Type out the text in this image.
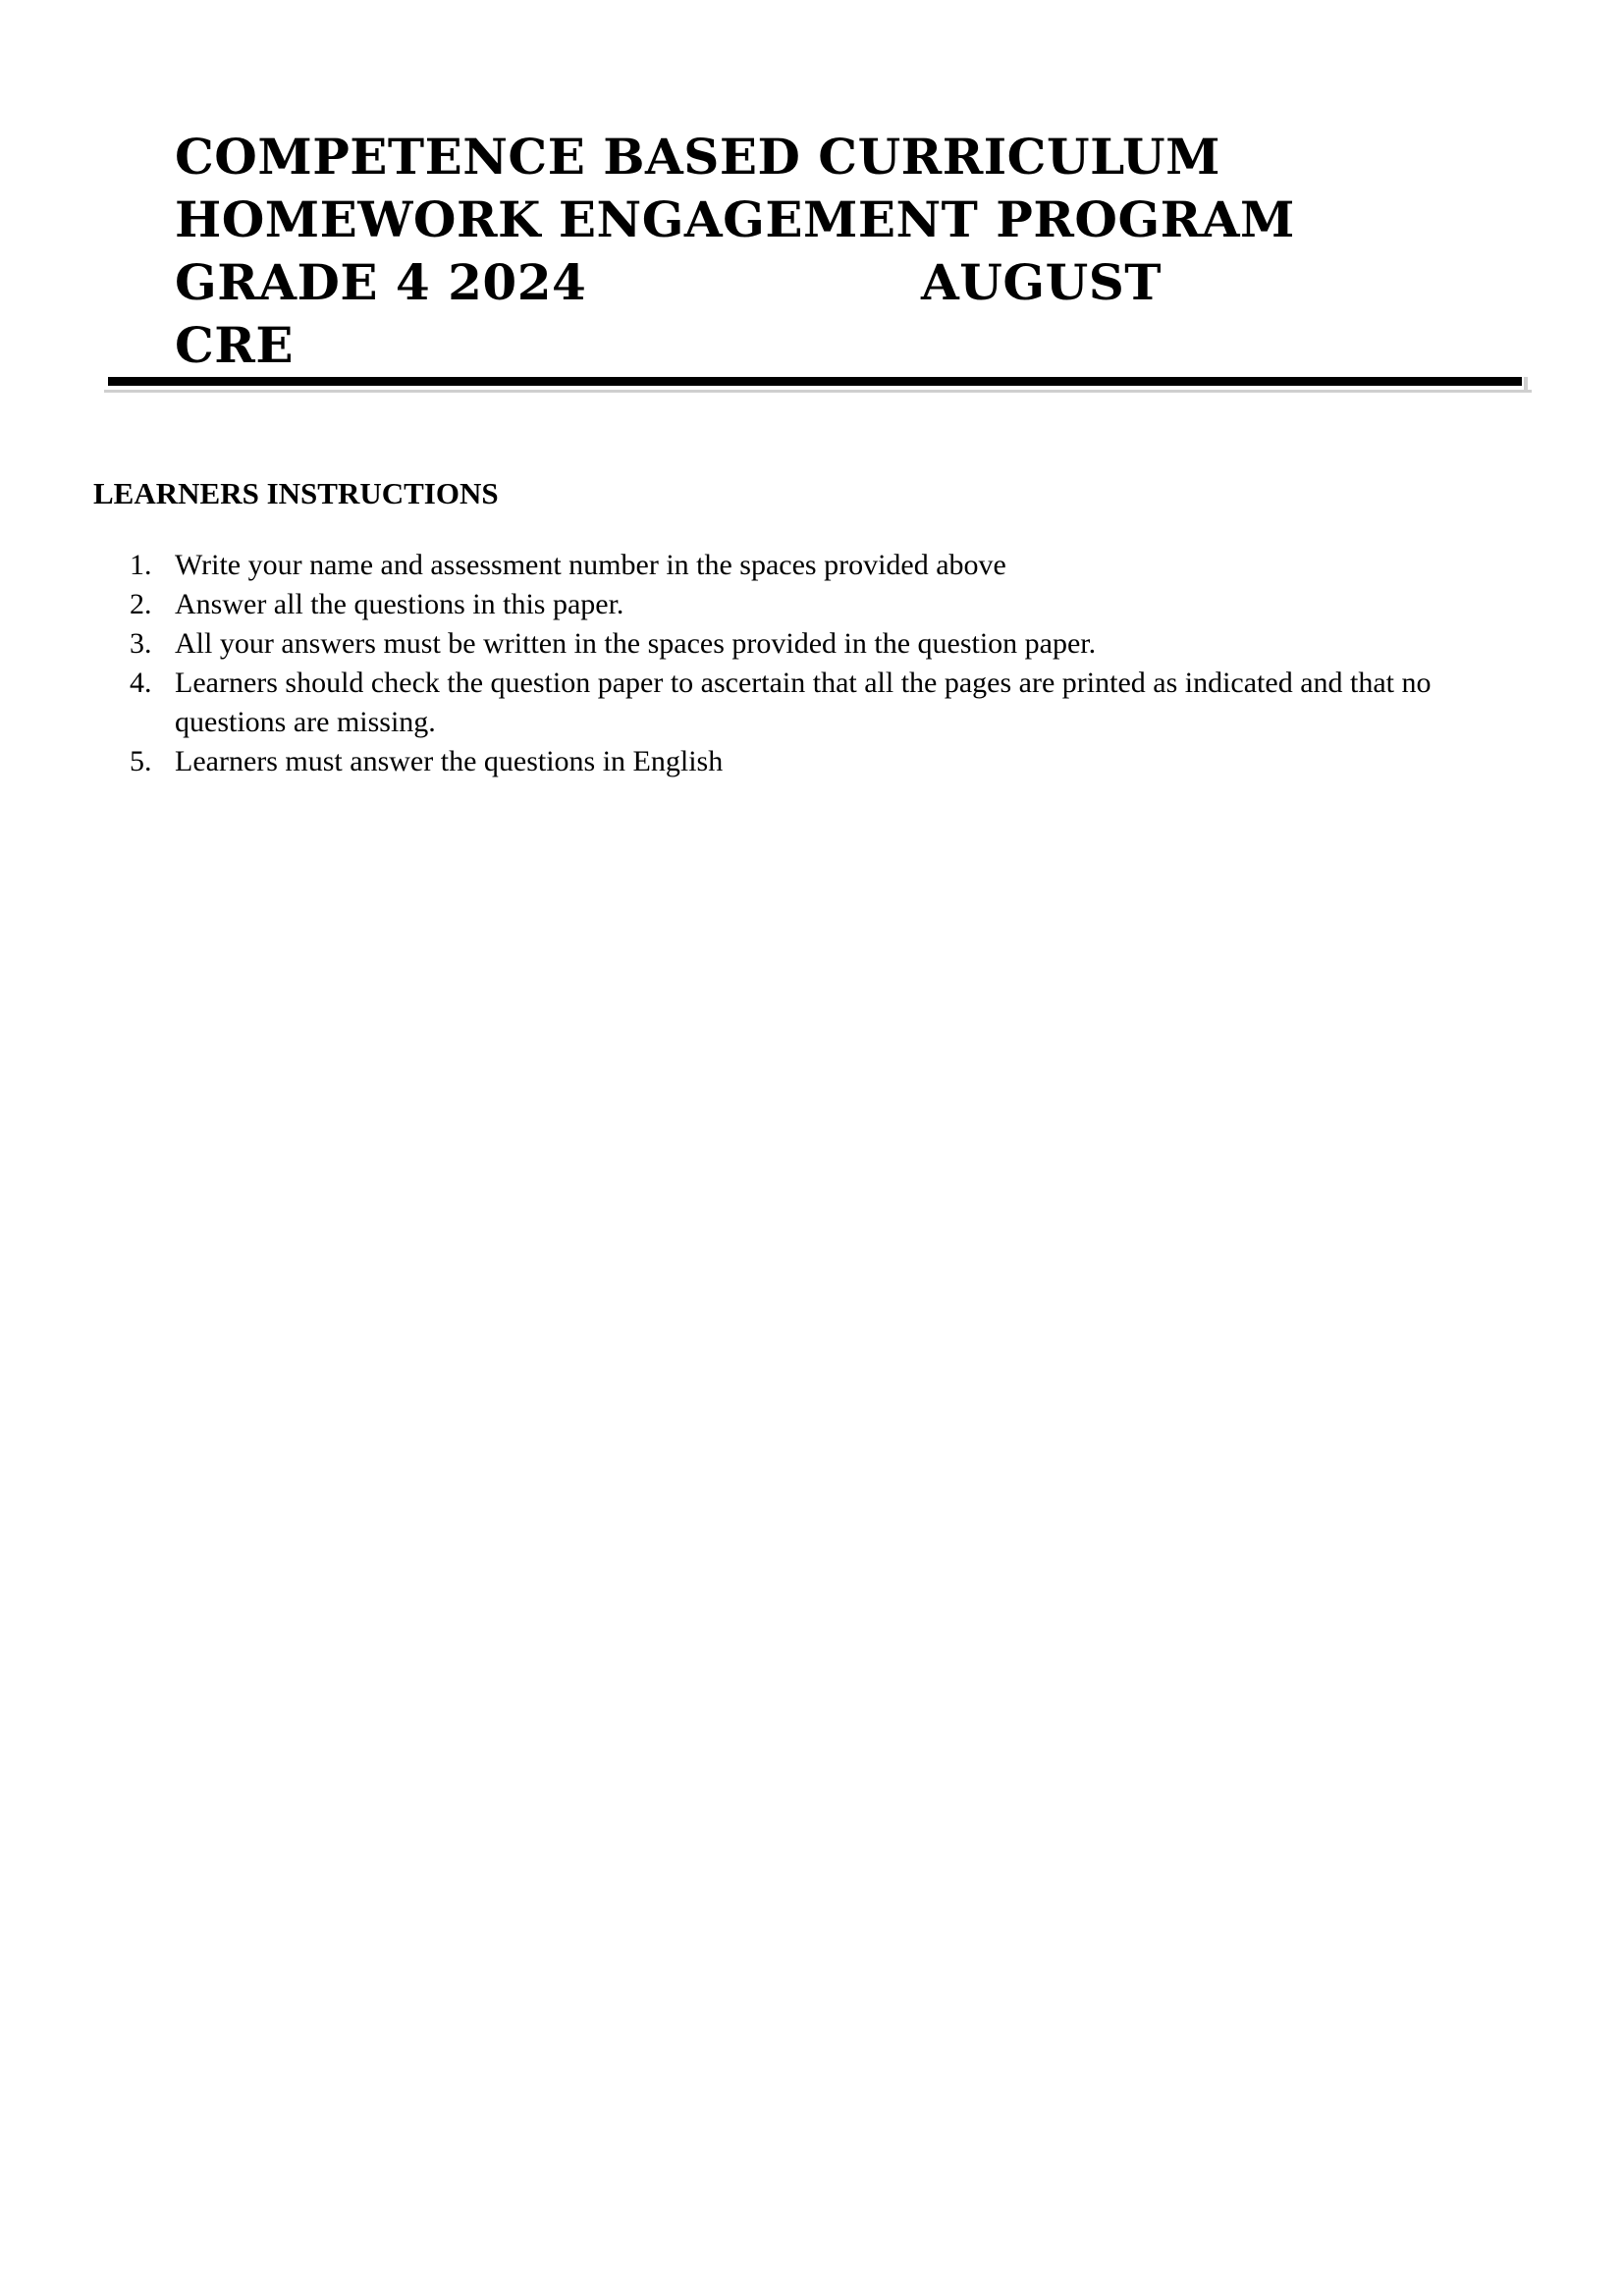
COMPETENCE BASED CURRICULUM
HOMEWORK ENGAGEMENT PROGRAM
GRADE 4 2024	AUGUST
CRE
LEARNERS INSTRUCTIONS
1. Write your name and assessment number in the spaces provided above
2. Answer all the questions in this paper.
3. All your answers must be written in the spaces provided in the question paper.
4. Learners should check the question paper to ascertain that all the pages are printed as indicated and that no questions are missing.
5. Learners must answer the questions in English
